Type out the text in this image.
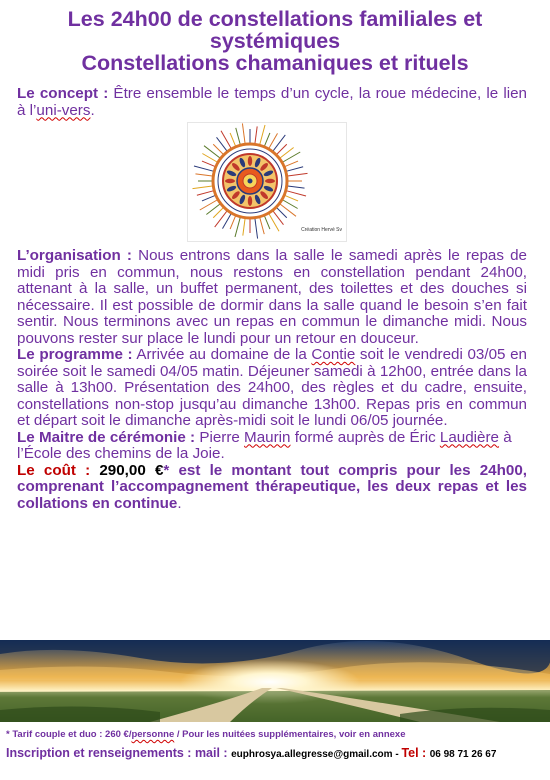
Les 24h00 de constellations familiales et
systémiques
Constellations chamaniques et rituels

Le concept : Être ensemble le temps d’un cycle, la roue médecine, le lien à l’uni-vers.

Création Hervé Sv

L’organisation : Nous entrons dans la salle le samedi après le repas de midi pris en commun, nous restons en constellation pendant 24h00, attenant à la salle, un buffet permanent, des toilettes et des douches si nécessaire. Il est possible de dormir dans la salle quand le besoin s’en fait sentir. Nous terminons avec un repas en commun le dimanche midi. Nous pouvons rester sur place le lundi pour un retour en douceur.

Le programme : Arrivée au domaine de la Contie soit le vendredi 03/05 en soirée soit le samedi 04/05 matin. Déjeuner samedi à 12h00, entrée dans la salle à 13h00. Présentation des 24h00, des règles et du cadre, ensuite, constellations non-stop jusqu’au dimanche 13h00. Repas pris en commun et départ soit le dimanche après-midi soit le lundi 06/05 journée.

Le Maitre de cérémonie : Pierre Maurin formé auprès de Éric Laudière à l’École des chemins de la Joie.

Le coût : 290,00 €* est le montant tout compris pour les 24h00, comprenant l’accompagnement thérapeutique, les deux repas et les collations en continue.

* Tarif couple et duo : 260 €/personne / Pour les nuitées supplémentaires, voir en annexe
Inscription et renseignements : mail : euphrosya.allegresse@gmail.com - Tel : 06 98 71 26 67
